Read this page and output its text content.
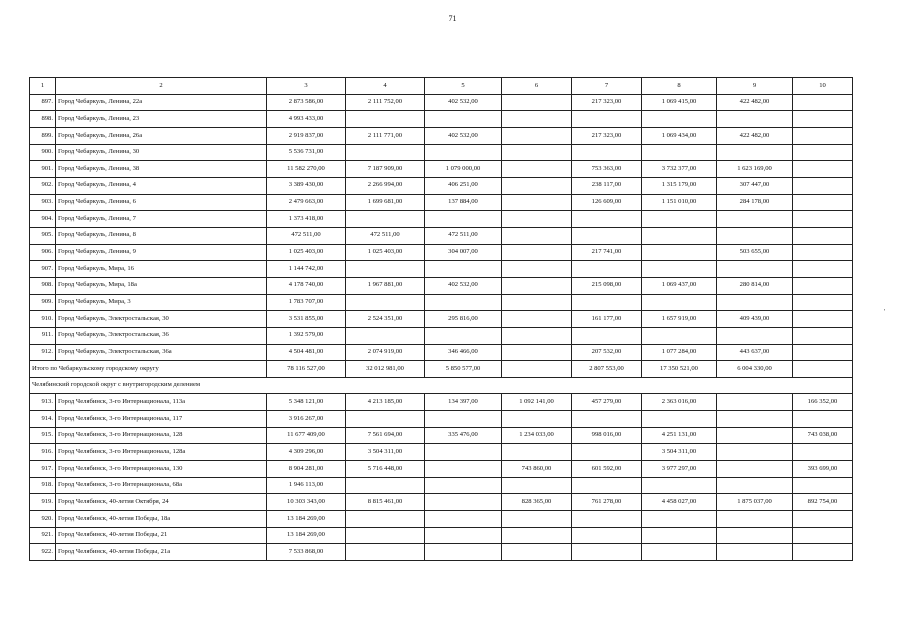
71
'
1	2	3	4	5	6	7	8	9	10
897.	Город Чебаркуль, Ленина, 22а	2 873 586,00	2 111 752,00	402 532,00		217 323,00	1 069 415,00	422 482,00	
898.	Город Чебаркуль, Ленина, 23	4 993 433,00							
899.	Город Чебаркуль, Ленина, 26а	2 919 837,00	2 111 771,00	402 532,00		217 323,00	1 069 434,00	422 482,00	
900.	Город Чебаркуль, Ленина, 30	5 536 731,00							
901.	Город Чебаркуль, Ленина, 38	11 582 270,00	7 187 909,00	1 079 000,00		753 363,00	3 732 377,00	1 623 169,00	
902.	Город Чебаркуль, Ленина, 4	3 389 430,00	2 266 994,00	406 251,00		238 117,00	1 315 179,00	307 447,00	
903.	Город Чебаркуль, Ленина, 6	2 479 663,00	1 699 681,00	137 884,00		126 609,00	1 151 010,00	284 178,00	
904.	Город Чебаркуль, Ленина, 7	1 373 418,00							
905.	Город Чебаркуль, Ленина, 8	472 511,00	472 511,00	472 511,00					
906.	Город Чебаркуль, Ленина, 9	1 025 403,00	1 025 403,00	304 007,00		217 741,00		503 655,00	
907.	Город Чебаркуль, Мира, 16	1 144 742,00							
908.	Город Чебаркуль, Мира, 18а	4 178 740,00	1 967 881,00	402 532,00		215 098,00	1 069 437,00	280 814,00	
909.	Город Чебаркуль, Мира, 3	1 783 707,00							
910.	Город Чебаркуль, Электростальская, 30	3 531 855,00	2 524 351,00	295 816,00		161 177,00	1 657 919,00	409 439,00	
911.	Город Чебаркуль, Электростальская, 36	1 392 579,00							
912.	Город Чебаркуль, Электростальская, 36а	4 504 481,00	2 074 919,00	346 466,00		207 532,00	1 077 284,00	443 637,00	
Итого по Чебаркульскому городскому округу		78 116 527,00	32 012 981,00	5 850 577,00		2 807 553,00	17 350 521,00	6 004 330,00	
Челябинский городской округ с внутригородским делением									
913.	Город Челябинск, 3-го Интернационала, 113а	5 348 121,00	4 213 185,00	134 397,00	1 092 141,00	457 279,00	2 363 016,00		166 352,00
914.	Город Челябинск, 3-го Интернационала, 117	3 916 267,00							
915.	Город Челябинск, 3-го Интернационала, 128	11 677 409,00	7 561 694,00	335 476,00	1 234 033,00	998 016,00	4 251 131,00		743 038,00
916.	Город Челябинск, 3-го Интернационала, 128а	4 309 296,00	3 504 311,00				3 504 311,00		
917.	Город Челябинск, 3-го Интернационала, 130	8 904 281,00	5 716 448,00		743 860,00	601 592,00	3 977 297,00		393 699,00
918.	Город Челябинск, 3-го Интернационала, 68а	1 946 113,00							
919.	Город Челябинск, 40-летия Октября, 24	10 303 343,00	8 815 461,00		828 365,00	761 278,00	4 458 027,00	1 875 037,00	892 754,00
920.	Город Челябинск, 40-летия Победы, 18а	13 184 269,00							
921.	Город Челябинск, 40-летия Победы, 21	13 184 269,00							
922.	Город Челябинск, 40-летия Победы, 21а	7 533 868,00							
